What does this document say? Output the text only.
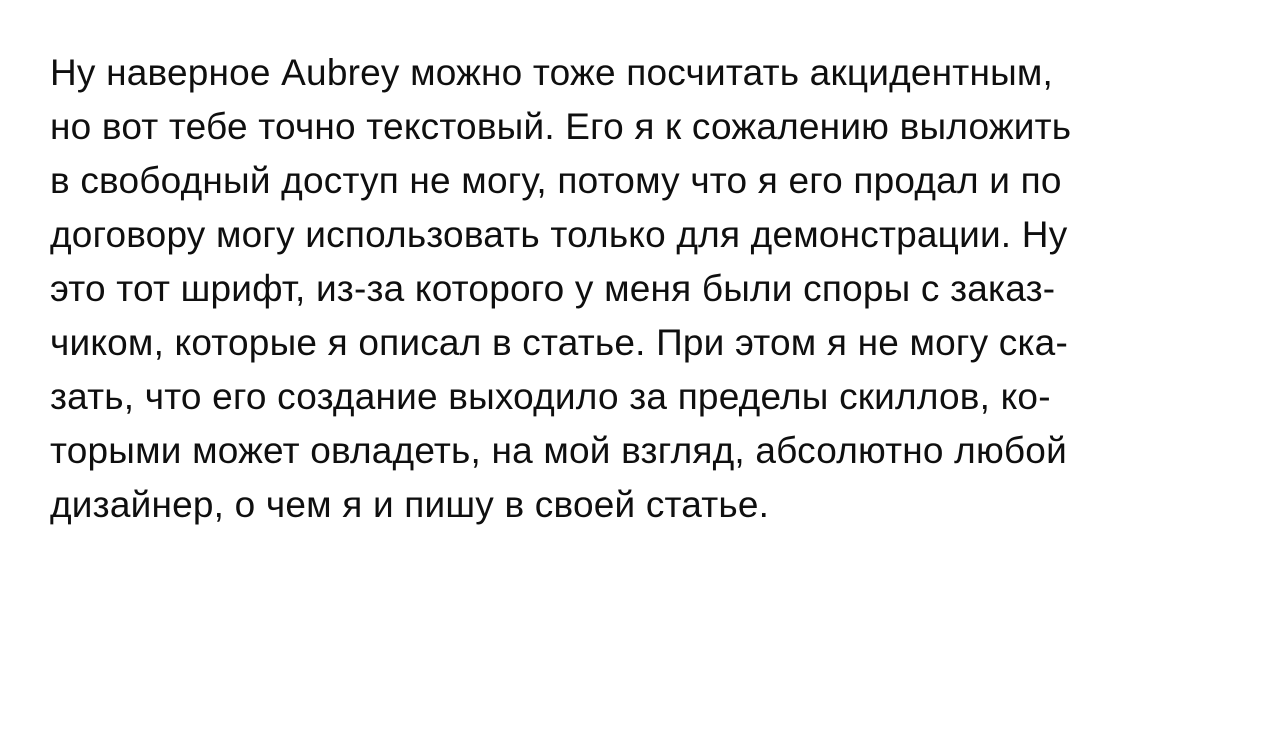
Ну наверное Aubrey можно тоже посчитать акцидентным,
но вот тебе точно текстовый. Его я к сожалению выложить
в свободный доступ не могу, потому что я его продал и по
договору могу использовать только для демонстрации. Ну
это тот шрифт, из-за которого у меня были споры с заказ-
чиком, которые я описал в статье. При этом я не могу ска-
зать, что его создание выходило за пределы скиллов, ко-
торыми может овладеть, на мой взгляд, абсолютно любой
дизайнер, о чем я и пишу в своей статье.
